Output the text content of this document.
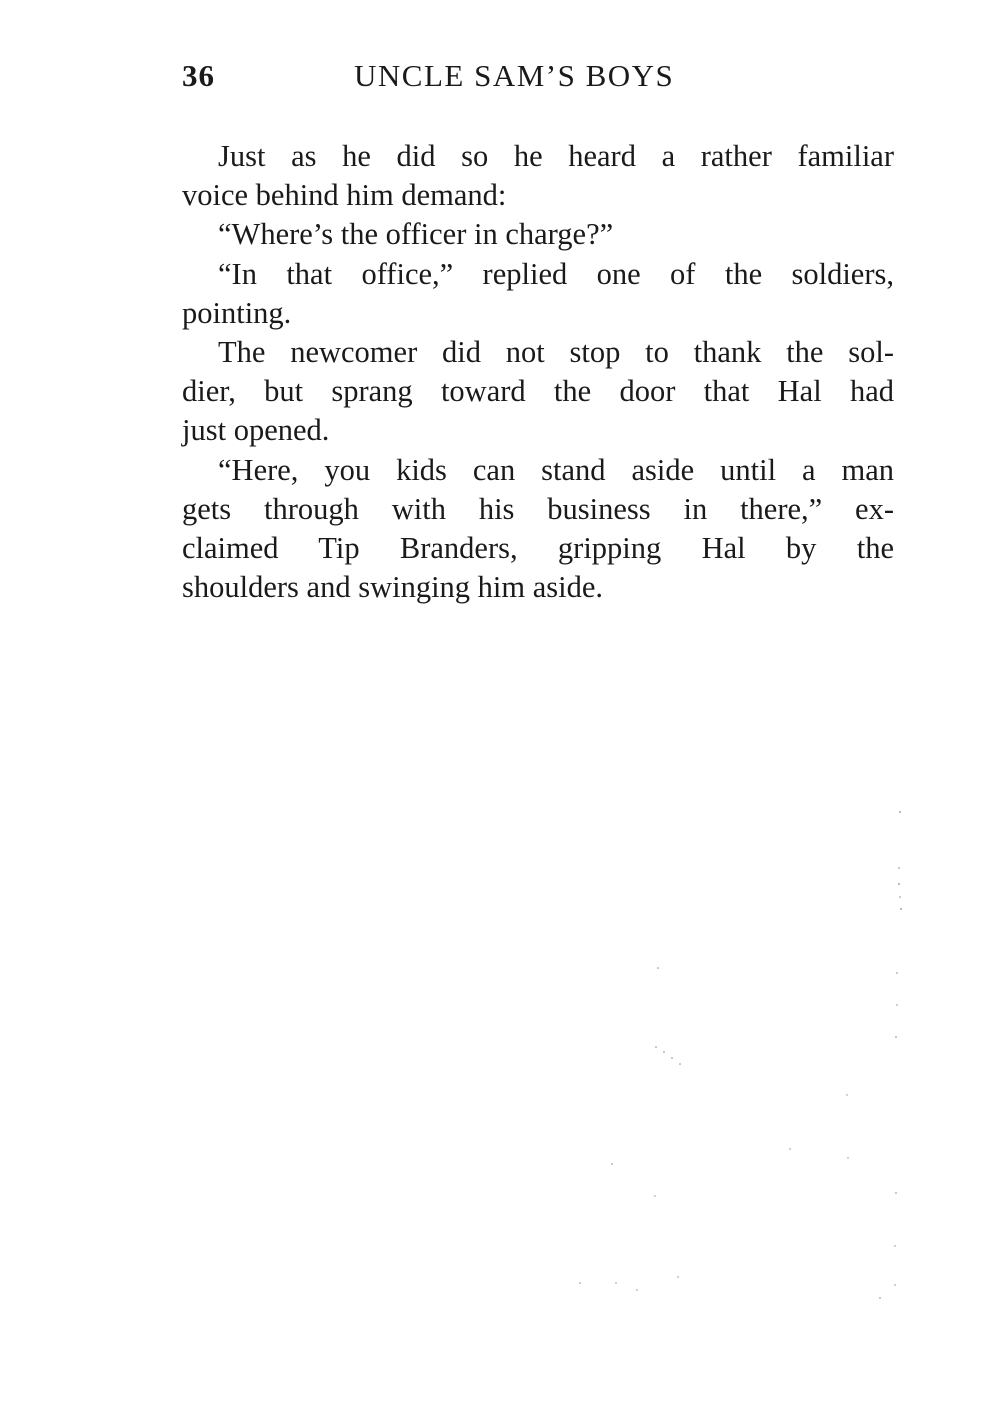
36	UNCLE SAM’S BOYS
Just as he did so he heard a rather familiar
voice behind him demand:
“Where’s the officer in charge?”
“In that office,” replied one of the soldiers,
pointing.
The newcomer did not stop to thank the sol-
dier, but sprang toward the door that Hal had
just opened.
“Here, you kids can stand aside until a man
gets through with his business in there,” ex-
claimed Tip Branders, gripping Hal by the
shoulders and swinging him aside.
